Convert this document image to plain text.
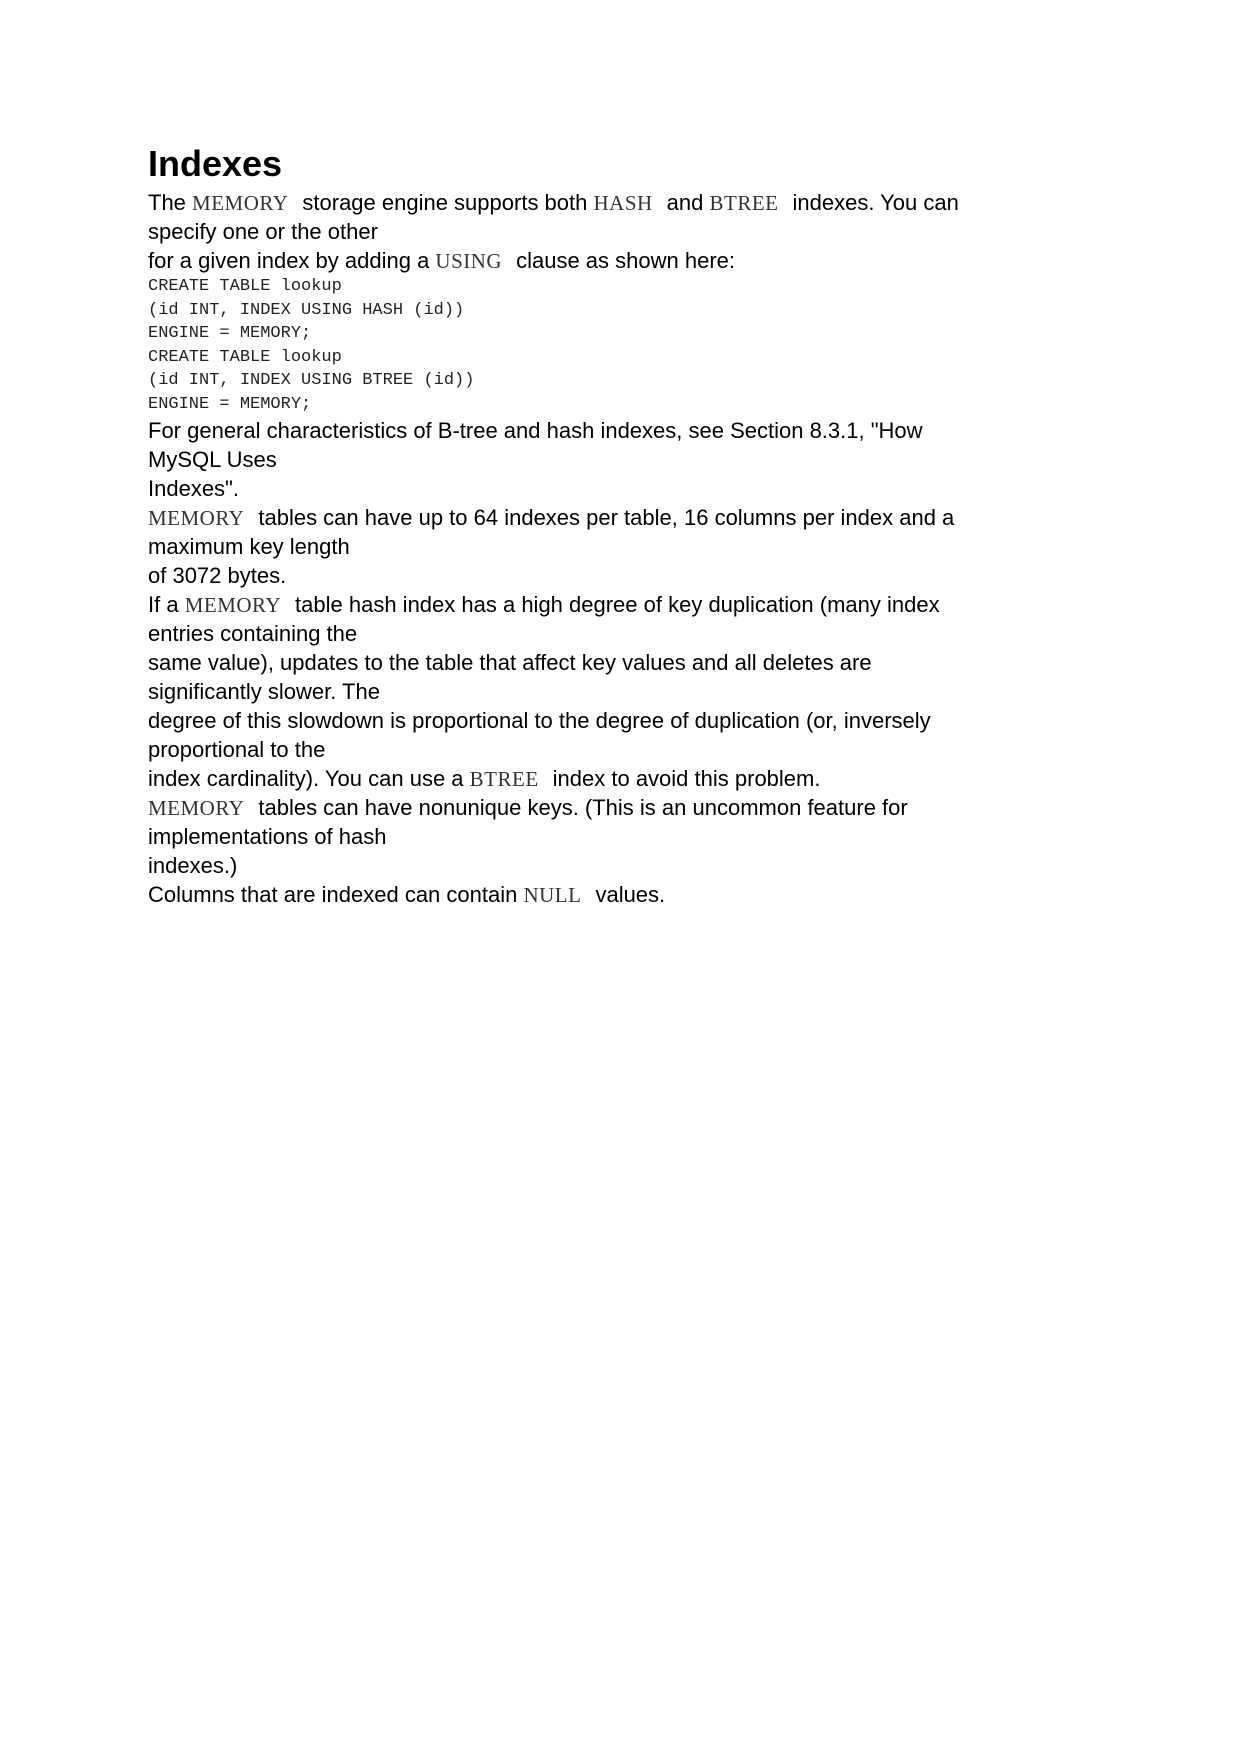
Indexes
The MEMORY storage engine supports both HASH and BTREE indexes. You can
specify one or the other
for a given index by adding a USING clause as shown here:
CREATE TABLE lookup
(id INT, INDEX USING HASH (id))
ENGINE = MEMORY;
CREATE TABLE lookup
(id INT, INDEX USING BTREE (id))
ENGINE = MEMORY;
For general characteristics of B-tree and hash indexes, see Section 8.3.1, "How
MySQL Uses
Indexes".
MEMORY tables can have up to 64 indexes per table, 16 columns per index and a
maximum key length
of 3072 bytes.
If a MEMORY table hash index has a high degree of key duplication (many index
entries containing the
same value), updates to the table that affect key values and all deletes are
significantly slower. The
degree of this slowdown is proportional to the degree of duplication (or, inversely
proportional to the
index cardinality). You can use a BTREE index to avoid this problem.
MEMORY tables can have nonunique keys. (This is an uncommon feature for
implementations of hash
indexes.)
Columns that are indexed can contain NULL values.
